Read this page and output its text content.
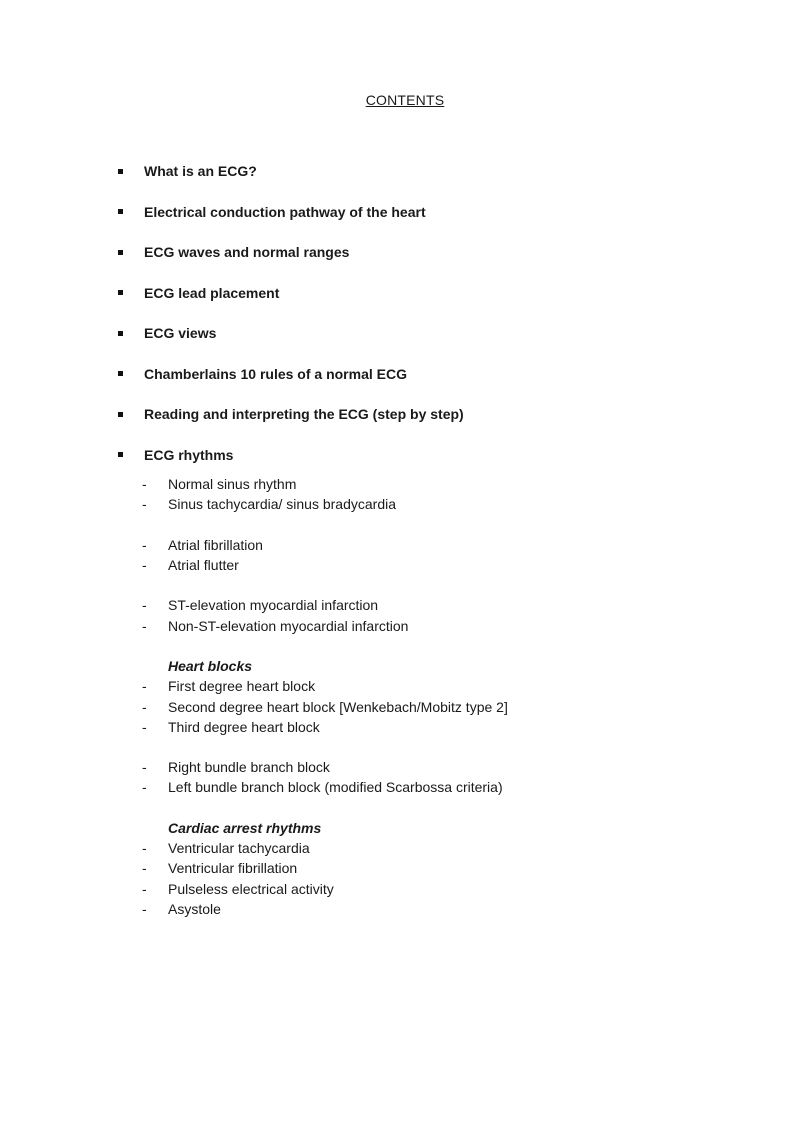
CONTENTS
What is an ECG?
Electrical conduction pathway of the heart
ECG waves and normal ranges
ECG lead placement
ECG views
Chamberlains 10 rules of a normal ECG
Reading and interpreting the ECG (step by step)
ECG rhythms
-	Normal sinus rhythm
-	Sinus tachycardia/ sinus bradycardia
-	Atrial fibrillation
-	Atrial flutter
-	ST-elevation myocardial infarction
-	Non-ST-elevation myocardial infarction
Heart blocks
-	First degree heart block
-	Second degree heart block [Wenkebach/Mobitz type 2]
-	Third degree heart block
-	Right bundle branch block
-	Left bundle branch block (modified Scarbossa criteria)
Cardiac arrest rhythms
-	Ventricular tachycardia
-	Ventricular fibrillation
-	Pulseless electrical activity
-	Asystole
